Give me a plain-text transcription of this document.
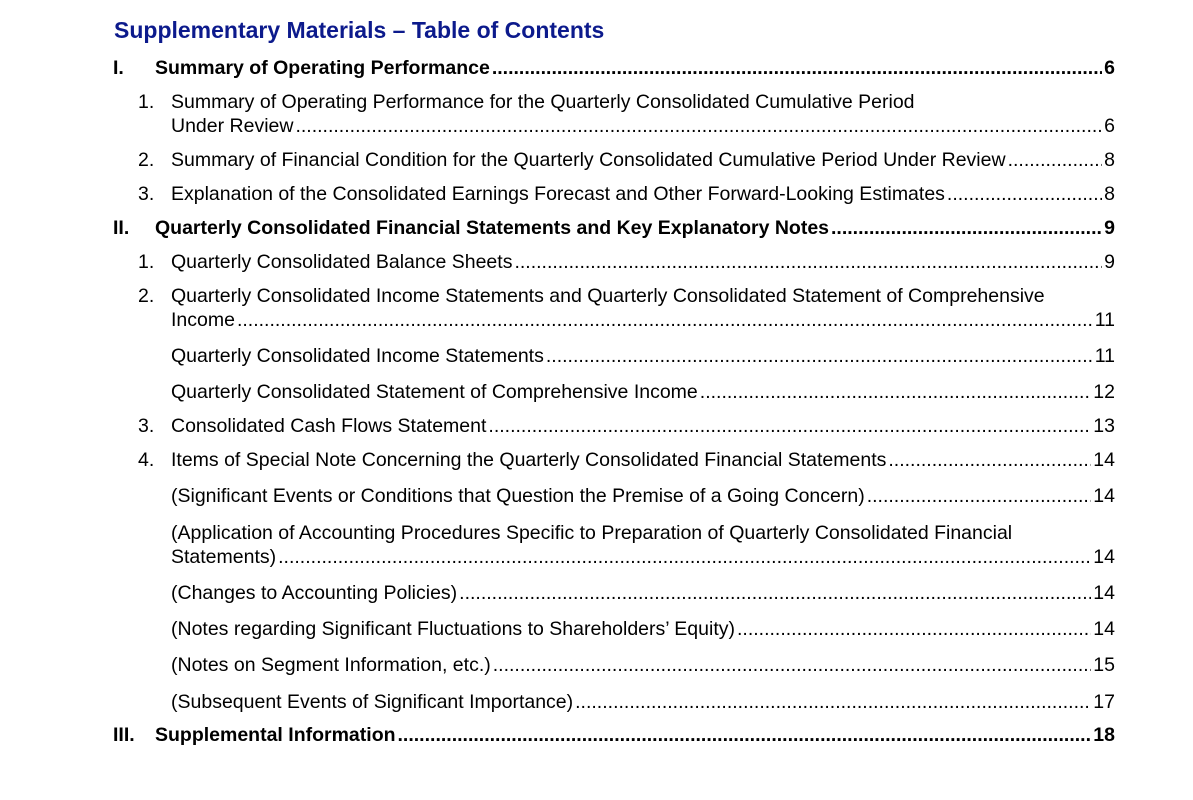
Supplementary Materials – Table of Contents
I. Summary of Operating Performance .....	6
1. Summary of Operating Performance for the Quarterly Consolidated Cumulative Period
Under Review .....	6
2. Summary of Financial Condition for the Quarterly Consolidated Cumulative Period Under Review .....	8
3. Explanation of the Consolidated Earnings Forecast and Other Forward-Looking Estimates .....	8
II. Quarterly Consolidated Financial Statements and Key Explanatory Notes .....	9
1. Quarterly Consolidated Balance Sheets .....	9
2. Quarterly Consolidated Income Statements and Quarterly Consolidated Statement of Comprehensive
Income .....	11
Quarterly Consolidated Income Statements .....	11
Quarterly Consolidated Statement of Comprehensive Income .....	12
3. Consolidated Cash Flows Statement .....	13
4. Items of Special Note Concerning the Quarterly Consolidated Financial Statements .....	14
(Significant Events or Conditions that Question the Premise of a Going Concern) .....	14
(Application of Accounting Procedures Specific to Preparation of Quarterly Consolidated Financial
Statements) .....	14
(Changes to Accounting Policies) .....	14
(Notes regarding Significant Fluctuations to Shareholders’ Equity) .....	14
(Notes on Segment Information, etc.) .....	15
(Subsequent Events of Significant Importance) .....	17
III. Supplemental Information .....	18
